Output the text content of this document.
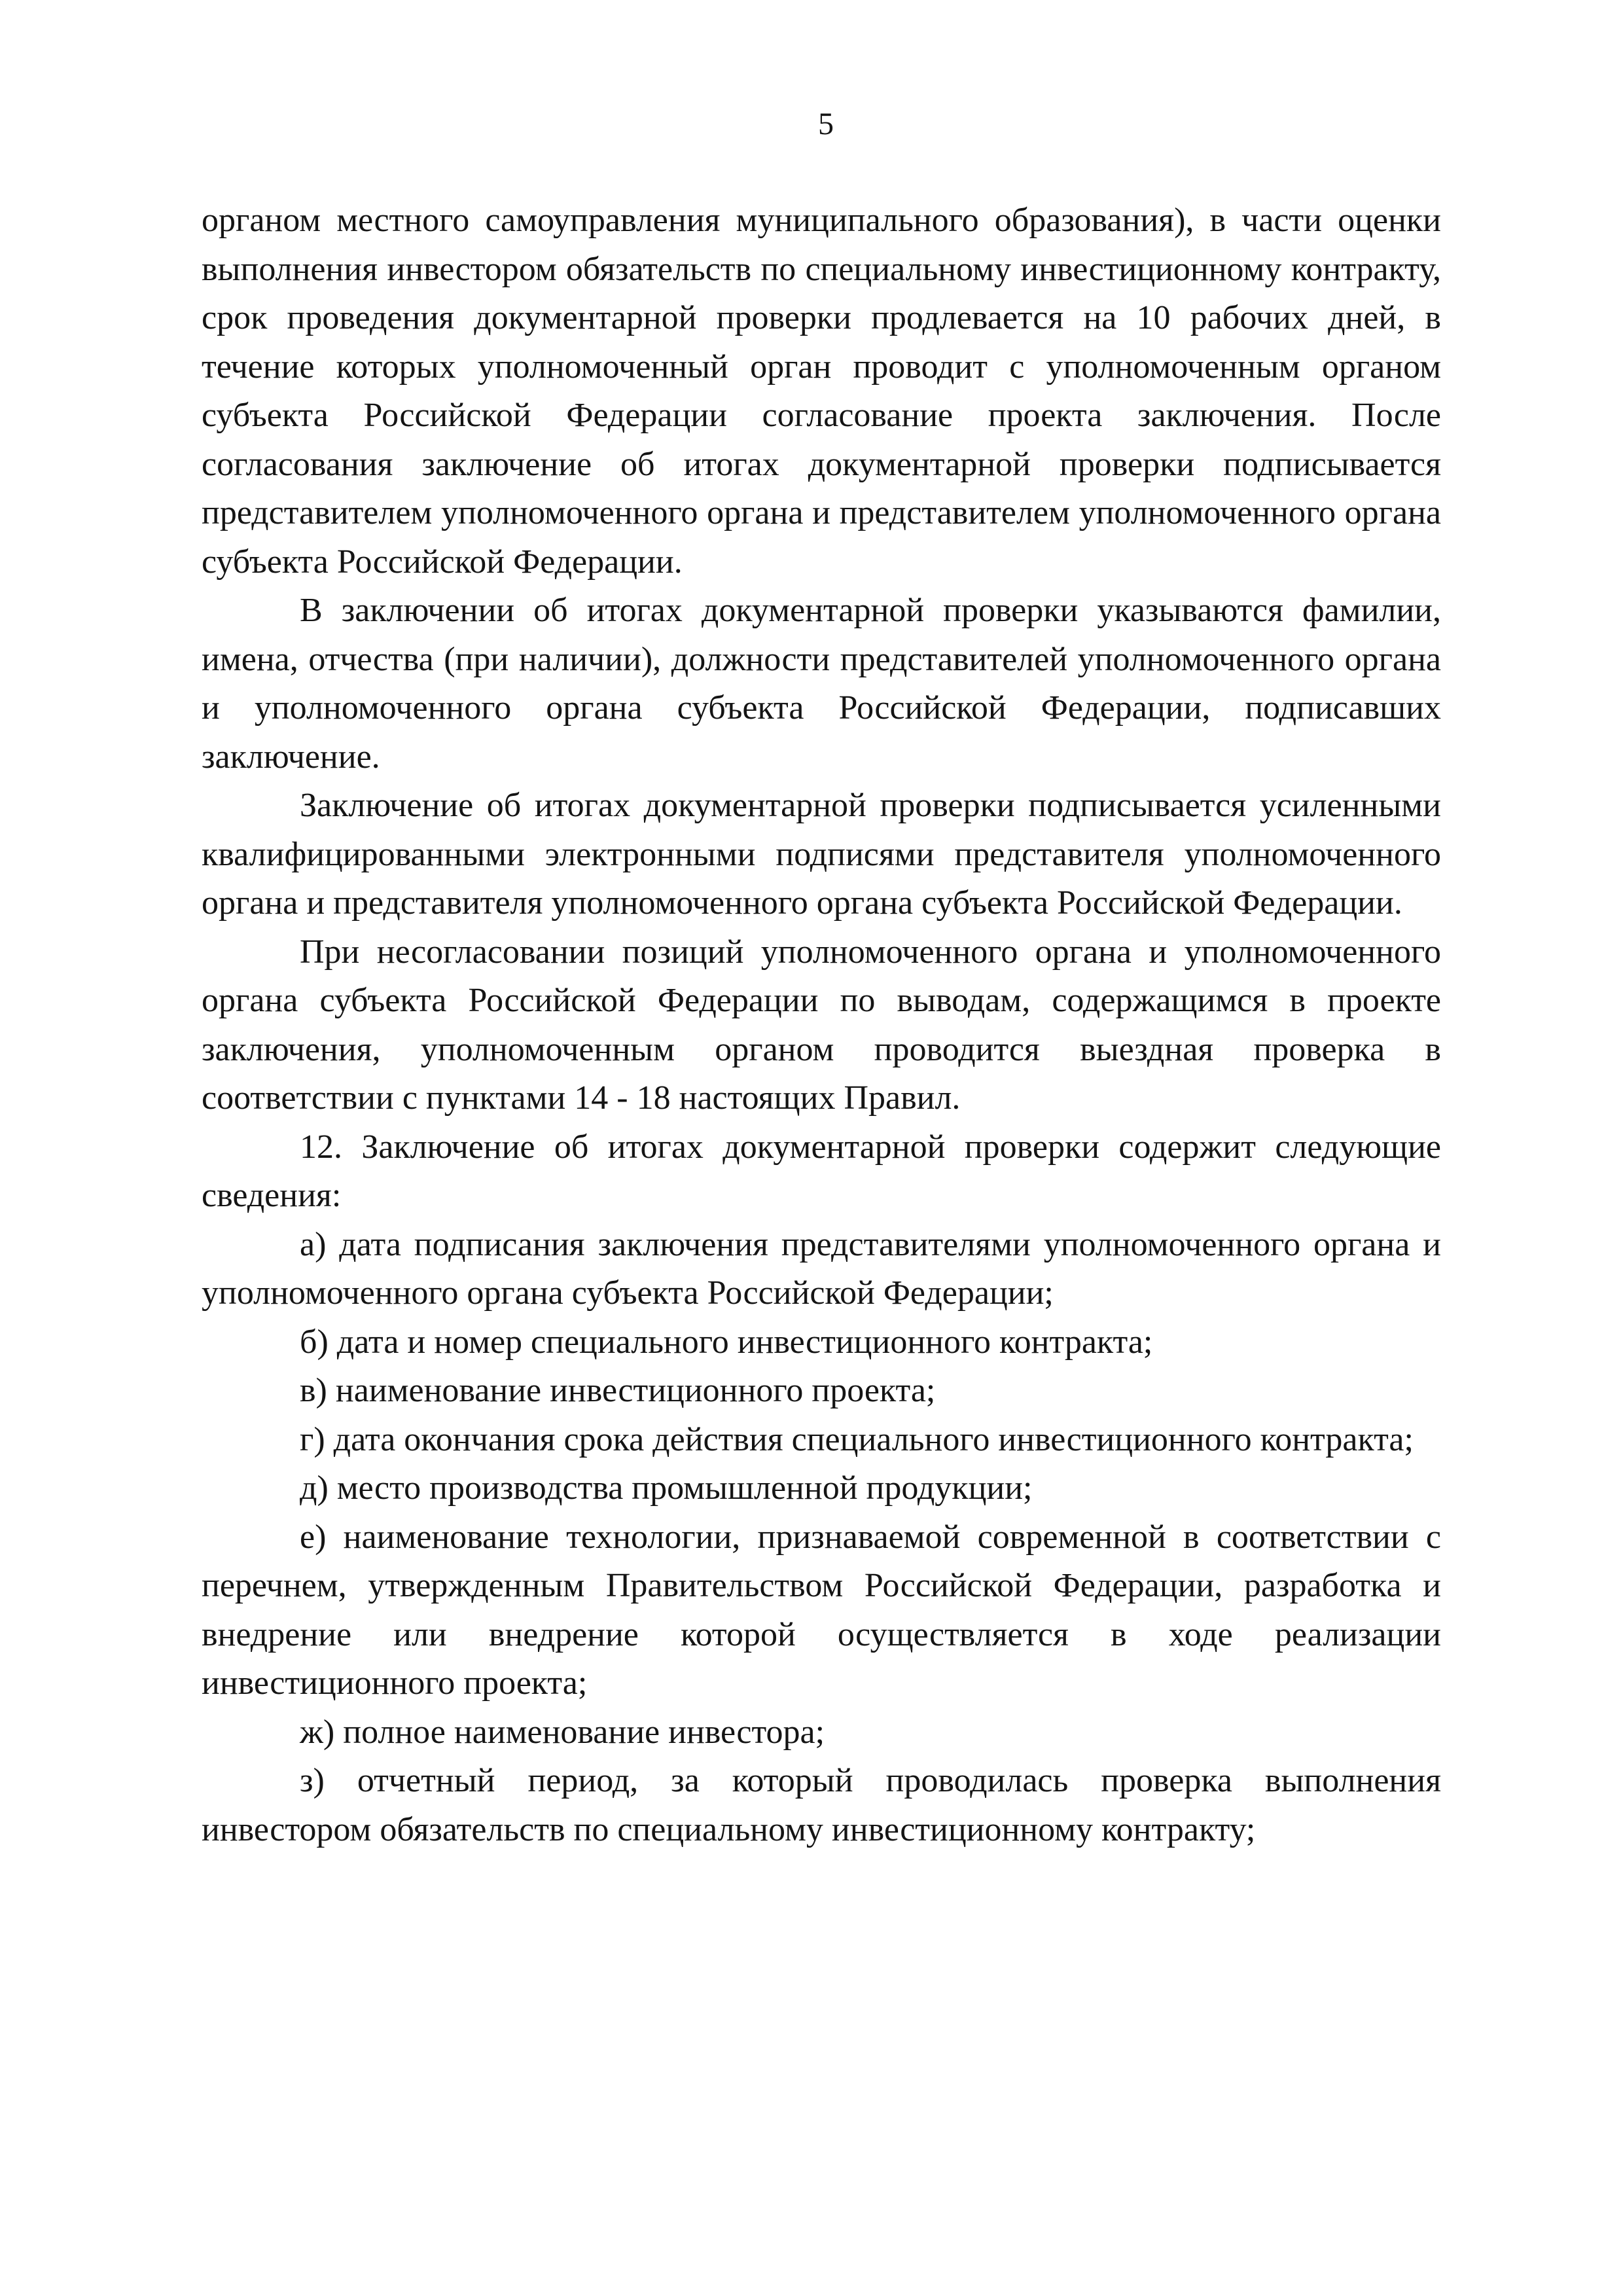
5

органом местного самоуправления муниципального образования), в части оценки выполнения инвестором обязательств по специальному инвестиционному контракту, срок проведения документарной проверки продлевается на 10 рабочих дней, в течение которых уполномоченный орган проводит с уполномоченным органом субъекта Российской Федерации согласование проекта заключения. После согласования заключение об итогах документарной проверки подписывается представителем уполномоченного органа и представителем уполномоченного органа субъекта Российской Федерации.

В заключении об итогах документарной проверки указываются фамилии, имена, отчества (при наличии), должности представителей уполномоченного органа и уполномоченного органа субъекта Российской Федерации, подписавших заключение.

Заключение об итогах документарной проверки подписывается усиленными квалифицированными электронными подписями представителя уполномоченного органа и представителя уполномоченного органа субъекта Российской Федерации.

При несогласовании позиций уполномоченного органа и уполномоченного органа субъекта Российской Федерации по выводам, содержащимся в проекте заключения, уполномоченным органом проводится выездная проверка в соответствии с пунктами 14 - 18 настоящих Правил.

12. Заключение об итогах документарной проверки содержит следующие сведения:

а) дата подписания заключения представителями уполномоченного органа и уполномоченного органа субъекта Российской Федерации;

б) дата и номер специального инвестиционного контракта;

в) наименование инвестиционного проекта;

г) дата окончания срока действия специального инвестиционного контракта;

д) место производства промышленной продукции;

е) наименование технологии, признаваемой современной в соответствии с перечнем, утвержденным Правительством Российской Федерации, разработка и внедрение или внедрение которой осуществляется в ходе реализации инвестиционного проекта;

ж) полное наименование инвестора;

з) отчетный период, за который проводилась проверка выполнения инвестором обязательств по специальному инвестиционному контракту;
